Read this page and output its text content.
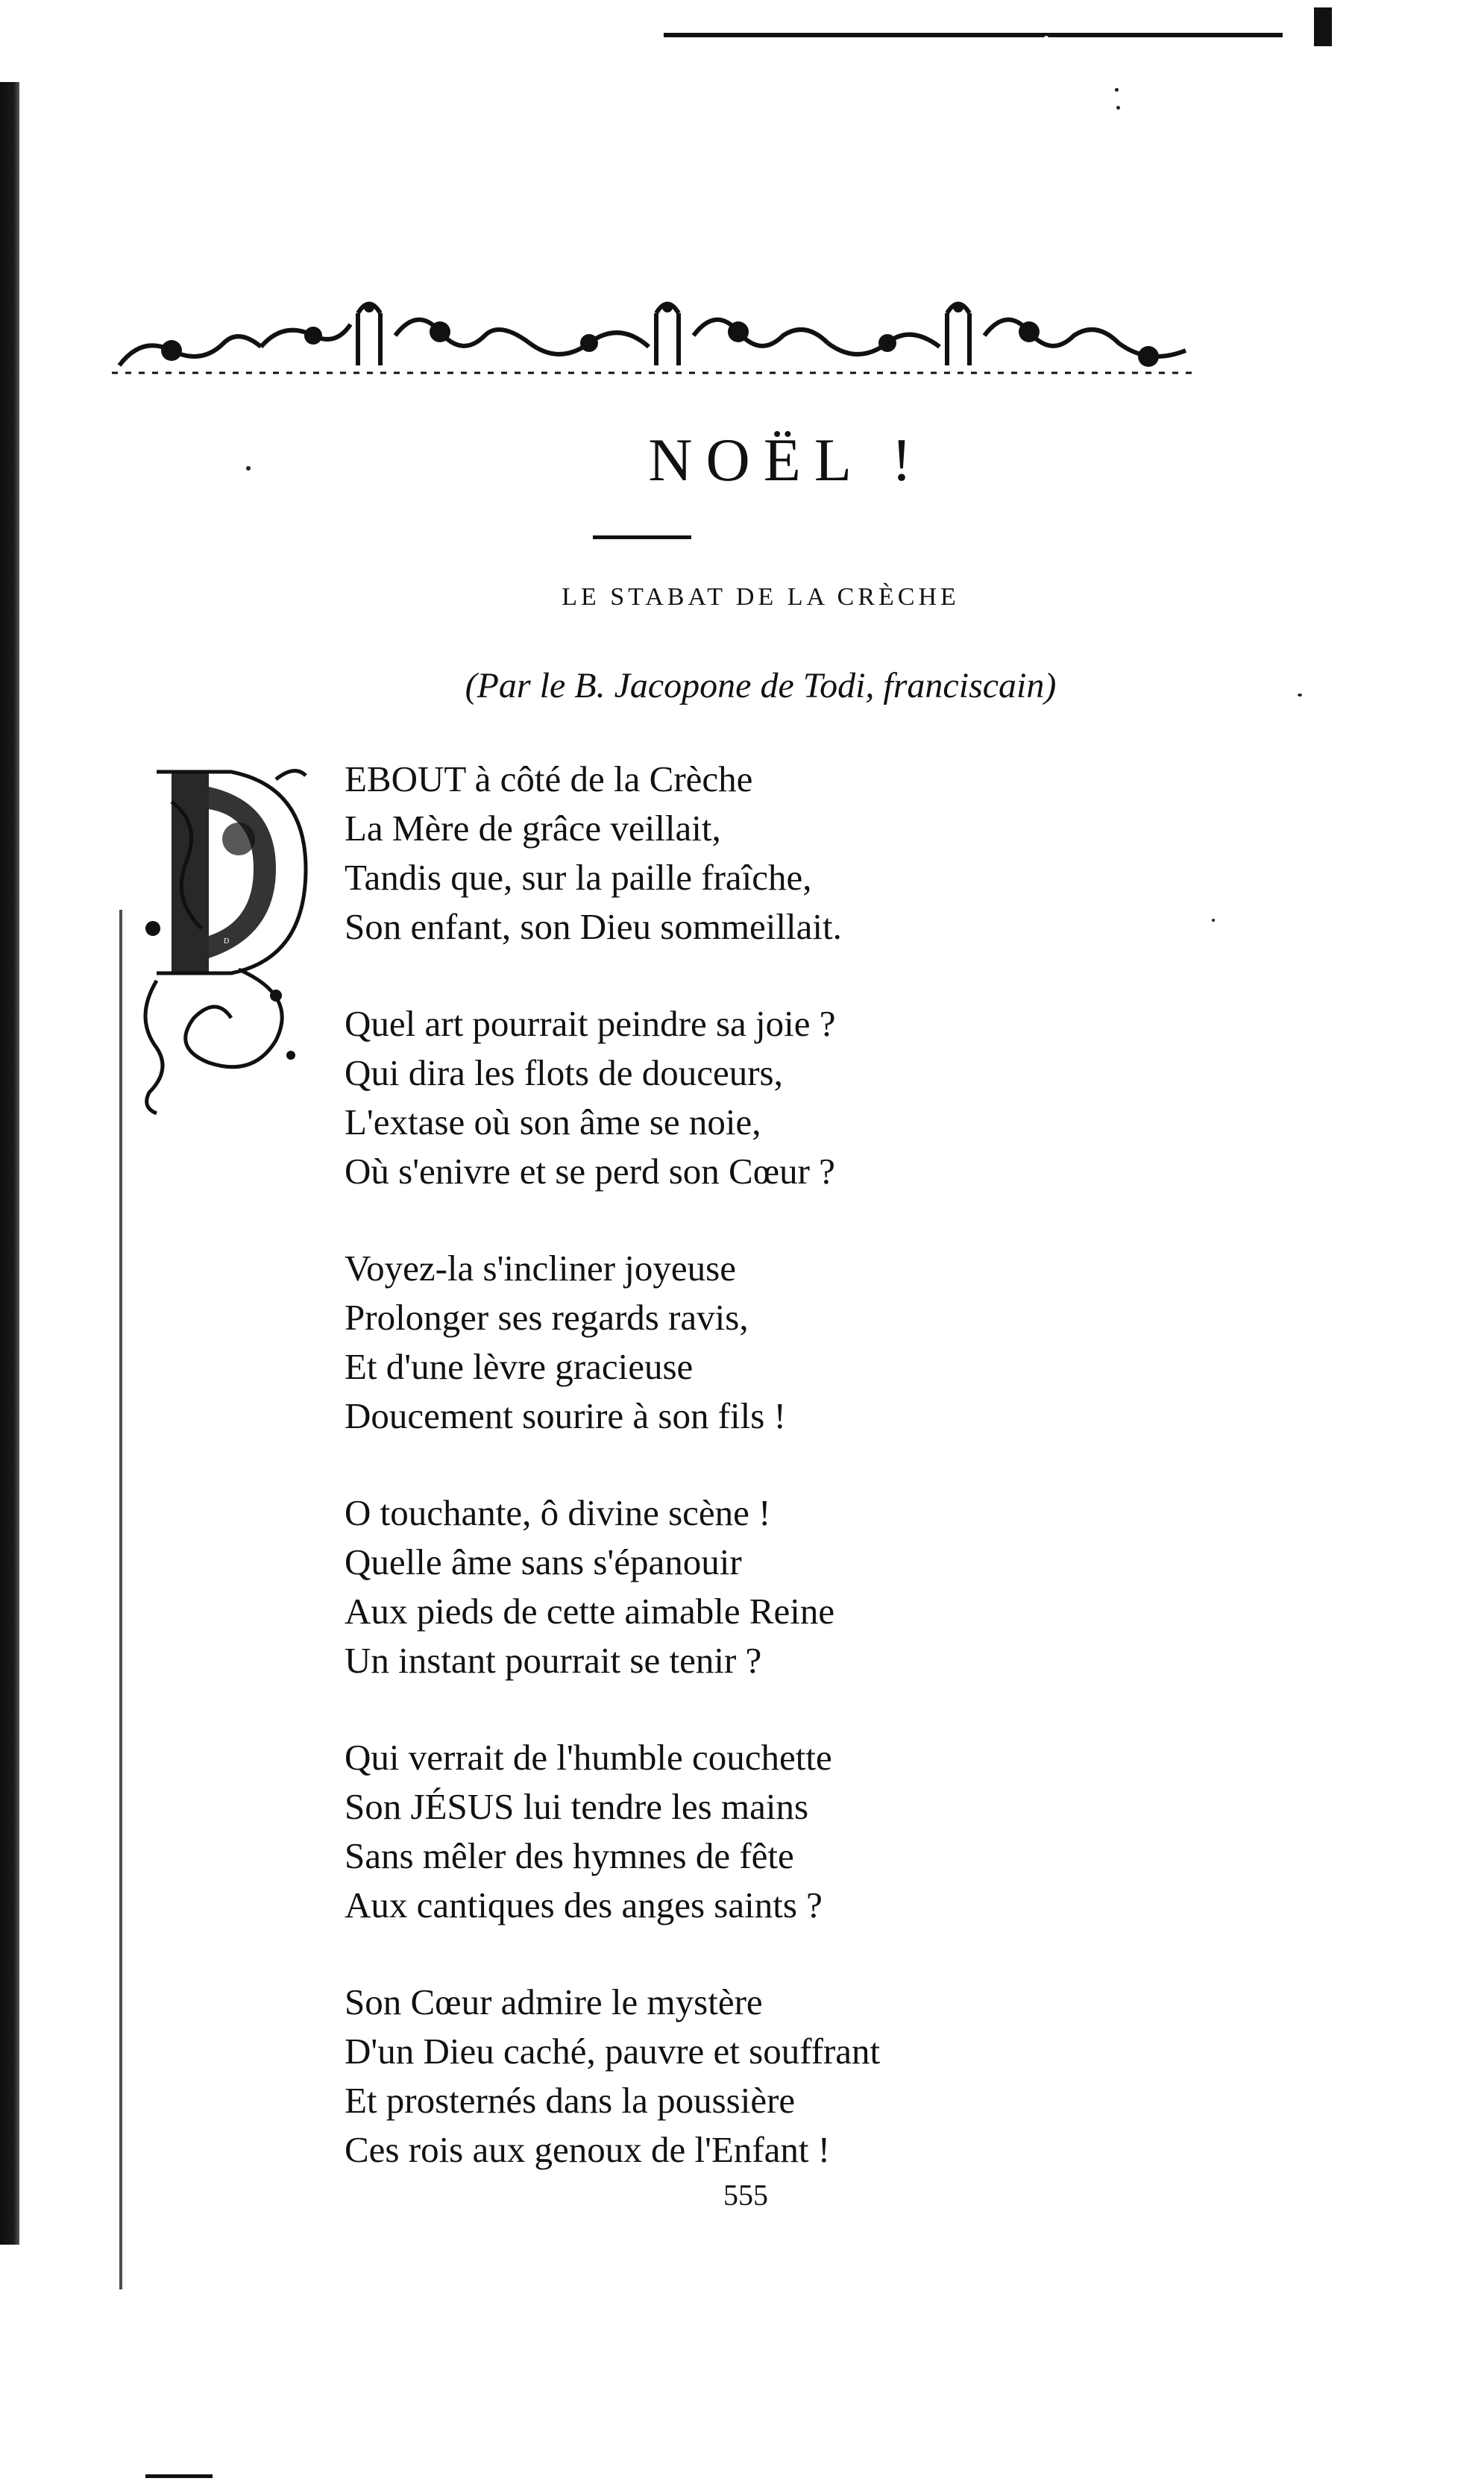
NOËL !
LE STABAT DE LA CRÈCHE
(Par le B. Jacopone de Todi, franciscain)
D
EBOUT à côté de la Crèche
La Mère de grâce veillait,
Tandis que, sur la paille fraîche,
Son enfant, son Dieu sommeillait.
Quel art pourrait peindre sa joie ?
Qui dira les flots de douceurs,
L'extase où son âme se noie,
Où s'enivre et se perd son Cœur ?
Voyez-la s'incliner joyeuse
Prolonger ses regards ravis,
Et d'une lèvre gracieuse
Doucement sourire à son fils !
O touchante, ô divine scène !
Quelle âme sans s'épanouir
Aux pieds de cette aimable Reine
Un instant pourrait se tenir ?
Qui verrait de l'humble couchette
Son JÉSUS lui tendre les mains
Sans mêler des hymnes de fête
Aux cantiques des anges saints ?
Son Cœur admire le mystère
D'un Dieu caché, pauvre et souffrant
Et prosternés dans la poussière
Ces rois aux genoux de l'Enfant !
555
